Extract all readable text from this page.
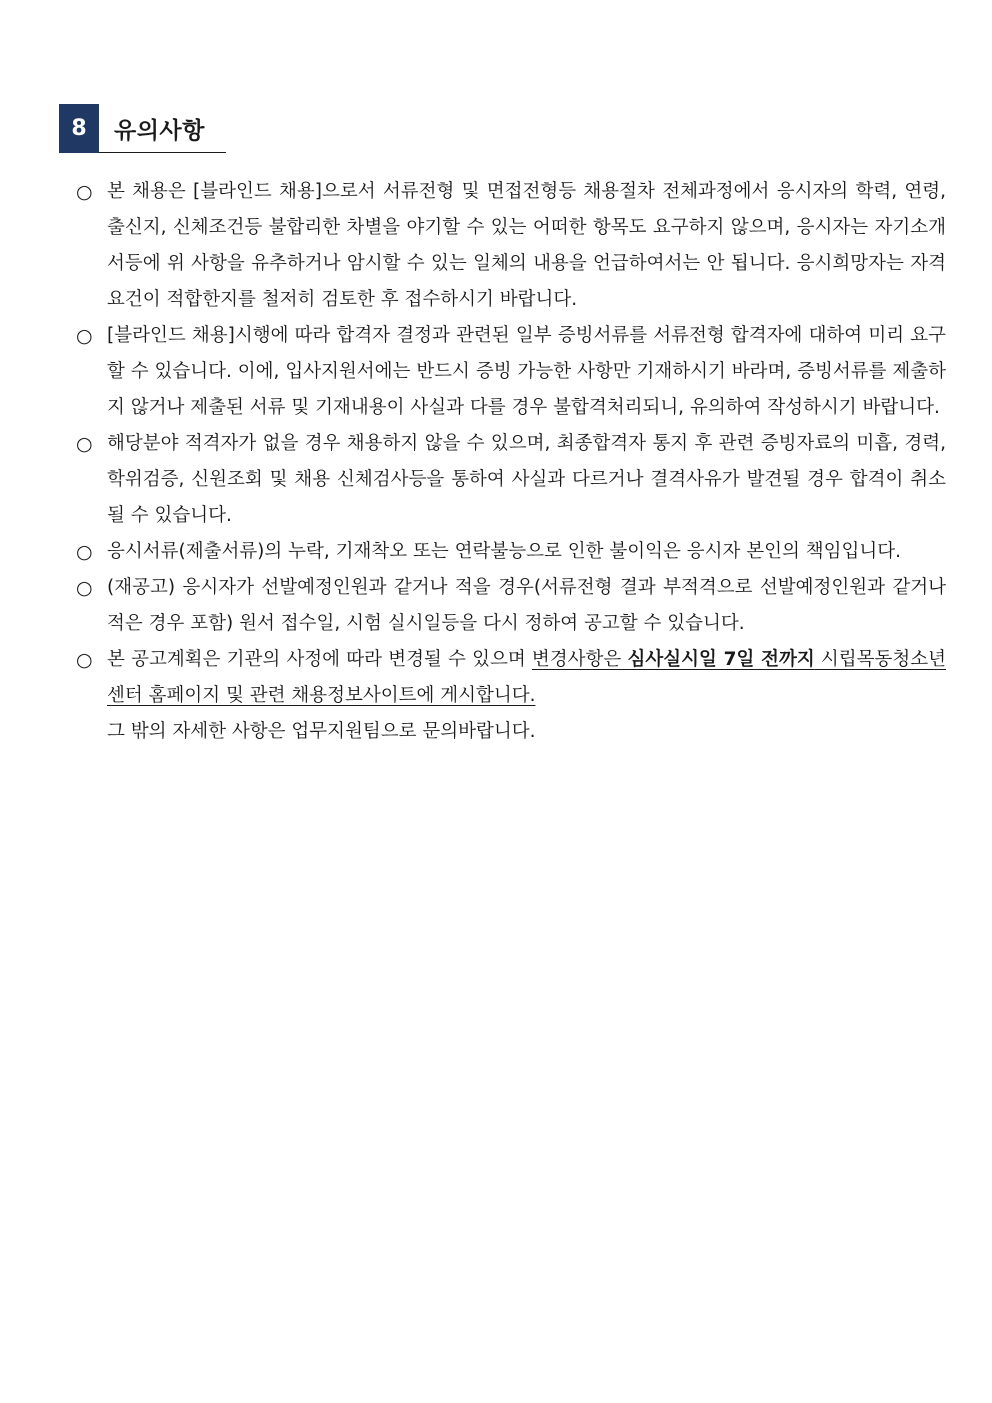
8	유의사항
○ 본 채용은 [블라인드 채용]으로서 서류전형 및 면접전형등 채용절차 전체과정에서 응시자의 학력, 연령, 출신지, 신체조건등 불합리한 차별을 야기할 수 있는 어떠한 항목도 요구하지 않으며, 응시자는 자기소개서등에 위 사항을 유추하거나 암시할 수 있는 일체의 내용을 언급하여서는 안 됩니다. 응시희망자는 자격요건이 적합한지를 철저히 검토한 후 접수하시기 바랍니다.
○ [블라인드 채용]시행에 따라 합격자 결정과 관련된 일부 증빙서류를 서류전형 합격자에 대하여 미리 요구할 수 있습니다. 이에, 입사지원서에는 반드시 증빙 가능한 사항만 기재하시기 바라며, 증빙서류를 제출하지 않거나 제출된 서류 및 기재내용이 사실과 다를 경우 불합격처리되니, 유의하여 작성하시기 바랍니다.
○ 해당분야 적격자가 없을 경우 채용하지 않을 수 있으며, 최종합격자 통지 후 관련 증빙자료의 미흡, 경력, 학위검증, 신원조회 및 채용 신체검사등을 통하여 사실과 다르거나 결격사유가 발견될 경우 합격이 취소될 수 있습니다.
○ 응시서류(제출서류)의 누락, 기재착오 또는 연락불능으로 인한 불이익은 응시자 본인의 책임입니다.
○ (재공고) 응시자가 선발예정인원과 같거나 적을 경우(서류전형 결과 부적격으로 선발예정인원과 같거나 적은 경우 포함) 원서 접수일, 시험 실시일등을 다시 정하여 공고할 수 있습니다.
○ 본 공고계획은 기관의 사정에 따라 변경될 수 있으며 변경사항은 심사실시일 7일 전까지 시립목동청소년센터 홈페이지 및 관련 채용정보사이트에 게시합니다.
그 밖의 자세한 사항은 업무지원팀으로 문의바랍니다.
